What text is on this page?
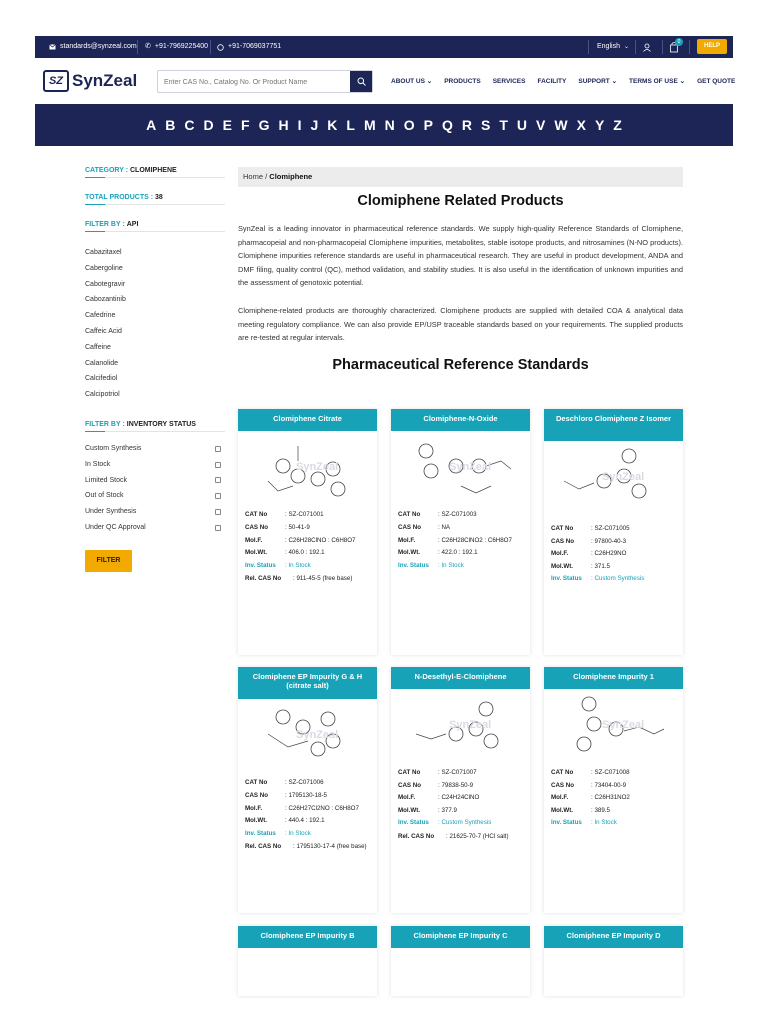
standards@synzeal.com ✆ +91-7969225400	+91-7069037751	English ⌄
0
HELP
SZ SynZeal
Enter CAS No., Catalog No. Or Product Name	ABOUT US ⌄ PRODUCTS SERVICES FACILITY SUPPORT ⌄ TERMS OF USE ⌄ GET QUOTE
A B C D E F G H I J K L M N O P Q R S T U V W X Y Z
CATEGORY : CLOMIPHENE
TOTAL PRODUCTS : 38
FILTER BY : API
Cabazitaxel
Cabergoline
Cabotegravir
Cabozantinib
Cafedrine
Caffeic Acid
Caffeine
Calanolide
Calcifediol
Calcipotriol
FILTER BY : INVENTORY STATUS
Custom Synthesis
In Stock
Limited Stock
Out of Stock
Under Synthesis
Under QC Approval
FILTER
Home / Clomiphene
Clomiphene Related Products

SynZeal is a leading innovator in pharmaceutical reference standards. We supply high-quality Reference Standards of Clomiphene, pharmacopeial and non-pharmacopeial Clomiphene impurities, metabolites, stable isotope products, and nitrosamines (N-NO products). Clomiphene impurities reference standards are useful in pharmaceutical research. They are useful in product development, ANDA and DMF filing, quality control (QC), method validation, and stability studies. It is also useful in the identification of unknown impurities and the assessment of genotoxic potential.

Clomiphene-related products are thoroughly characterized. Clomiphene products are supplied with detailed COA & analytical data meeting regulatory compliance. We can also provide EP/USP traceable standards based on your requirements. The supplied products are re-tested at regular intervals.

Pharmaceutical Reference Standards
Clomiphene Citrate
SynZeal
CAT No	: SZ-C071001
CAS No	: 50-41-9
Mol.F.	: C26H28ClNO : C6H8O7
Mol.Wt.	: 406.0 : 192.1
Inv. Status	: In Stock
Rel. CAS No	: 911-45-5 (free base)
Clomiphene-N-Oxide
SynZeal
CAT No	: SZ-C071003
CAS No	: NA
Mol.F.	: C26H28ClNO2 : C6H8O7
Mol.Wt.	: 422.0 : 192.1
Inv. Status	: In Stock
Deschloro Clomiphene Z Isomer
SynZeal
CAT No	: SZ-C071005
CAS No	: 97800-40-3
Mol.F.	: C26H29NO
Mol.Wt.	: 371.5
Inv. Status	: Custom Synthesis
Clomiphene EP Impurity G & H (citrate salt)
SynZeal
CAT No	: SZ-C071006
CAS No	: 1795130-18-5
Mol.F.	: C26H27Cl2NO : C6H8O7
Mol.Wt.	: 440.4 : 192.1
Inv. Status	: In Stock
Rel. CAS No	: 1795130-17-4 (free base)
N-Desethyl-E-Clomiphene
SynZeal
CAT No	: SZ-C071007
CAS No	: 79838-50-9
Mol.F.	: C24H24ClNO
Mol.Wt.	: 377.9
Inv. Status	: Custom Synthesis
Rel. CAS No	: 21625-70-7 (HCl salt)
Clomiphene Impurity 1
SynZeal
CAT No	: SZ-C071008
CAS No	: 73404-00-9
Mol.F.	: C26H31NO2
Mol.Wt.	: 389.5
Inv. Status	: In Stock
Clomiphene EP Impurity B	Clomiphene EP Impurity C	Clomiphene EP Impurity D
